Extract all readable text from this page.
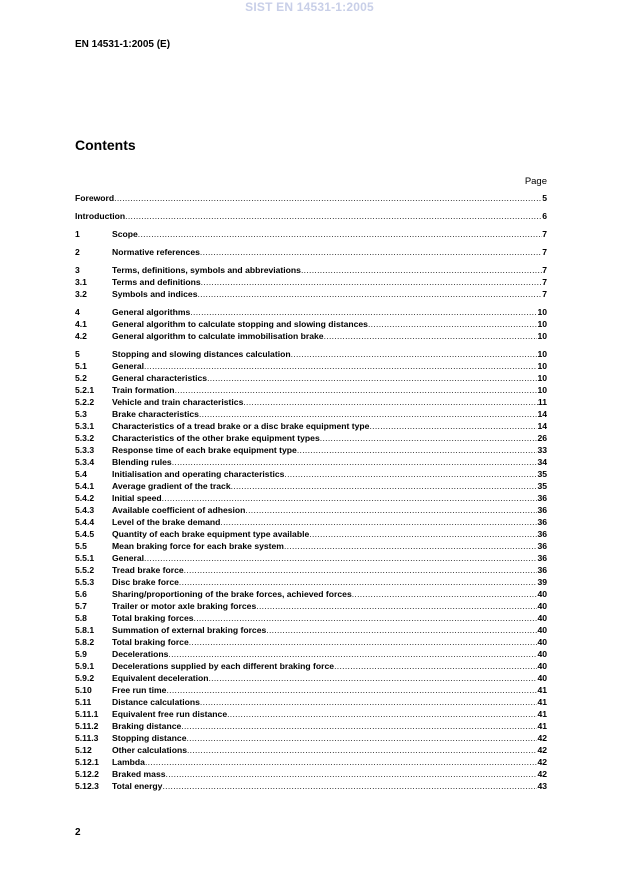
SIST EN 14531-1:2005
EN 14531-1:2005 (E)
Contents
Page
Foreword .....	5
Introduction .....	6
1	Scope .....	7
2	Normative references .....	7
3	Terms, definitions, symbols and abbreviations .....	7
3.1	Terms and definitions .....	7
3.2	Symbols and indices .....	7
4	General algorithms .....	10
4.1	General algorithm to calculate stopping and slowing distances .....	10
4.2	General algorithm to calculate immobilisation brake .....	10
5	Stopping and slowing distances calculation .....	10
5.1	General .....	10
5.2	General characteristics .....	10
5.2.1 Train formation .....	10
5.2.2 Vehicle and train characteristics .....	11
5.3	Brake characteristics .....	14
5.3.1 Characteristics of a tread brake or a disc brake equipment type .....	14
5.3.2 Characteristics of the other brake equipment types .....	26
5.3.3 Response time of each brake equipment type .....	33
5.3.4 Blending rules .....	34
5.4	Initialisation and operating characteristics .....	35
5.4.1 Average gradient of the track .....	35
5.4.2 Initial speed .....	36
5.4.3 Available coefficient of adhesion .....	36
5.4.4 Level of the brake demand .....	36
5.4.5 Quantity of each brake equipment type available .....	36
5.5	Mean braking force for each brake system .....	36
5.5.1 General .....	36
5.5.2 Tread brake force .....	36
5.5.3 Disc brake force .....	39
5.6	Sharing/proportioning of the brake forces, achieved forces .....	40
5.7	Trailer or motor axle braking forces .....	40
5.8	Total braking forces .....	40
5.8.1 Summation of external braking forces .....	40
5.8.2 Total braking force .....	40
5.9	Decelerations .....	40
5.9.1 Decelerations supplied by each different braking force .....	40
5.9.2 Equivalent deceleration .....	40
5.10 Free run time .....	41
5.11 Distance calculations .....	41
5.11.1 Equivalent free run distance .....	41
5.11.2 Braking distance .....	41
5.11.3 Stopping distance .....	42
5.12 Other calculations .....	42
5.12.1 Lambda .....	42
5.12.2 Braked mass .....	42
5.12.3 Total energy .....	43
2
